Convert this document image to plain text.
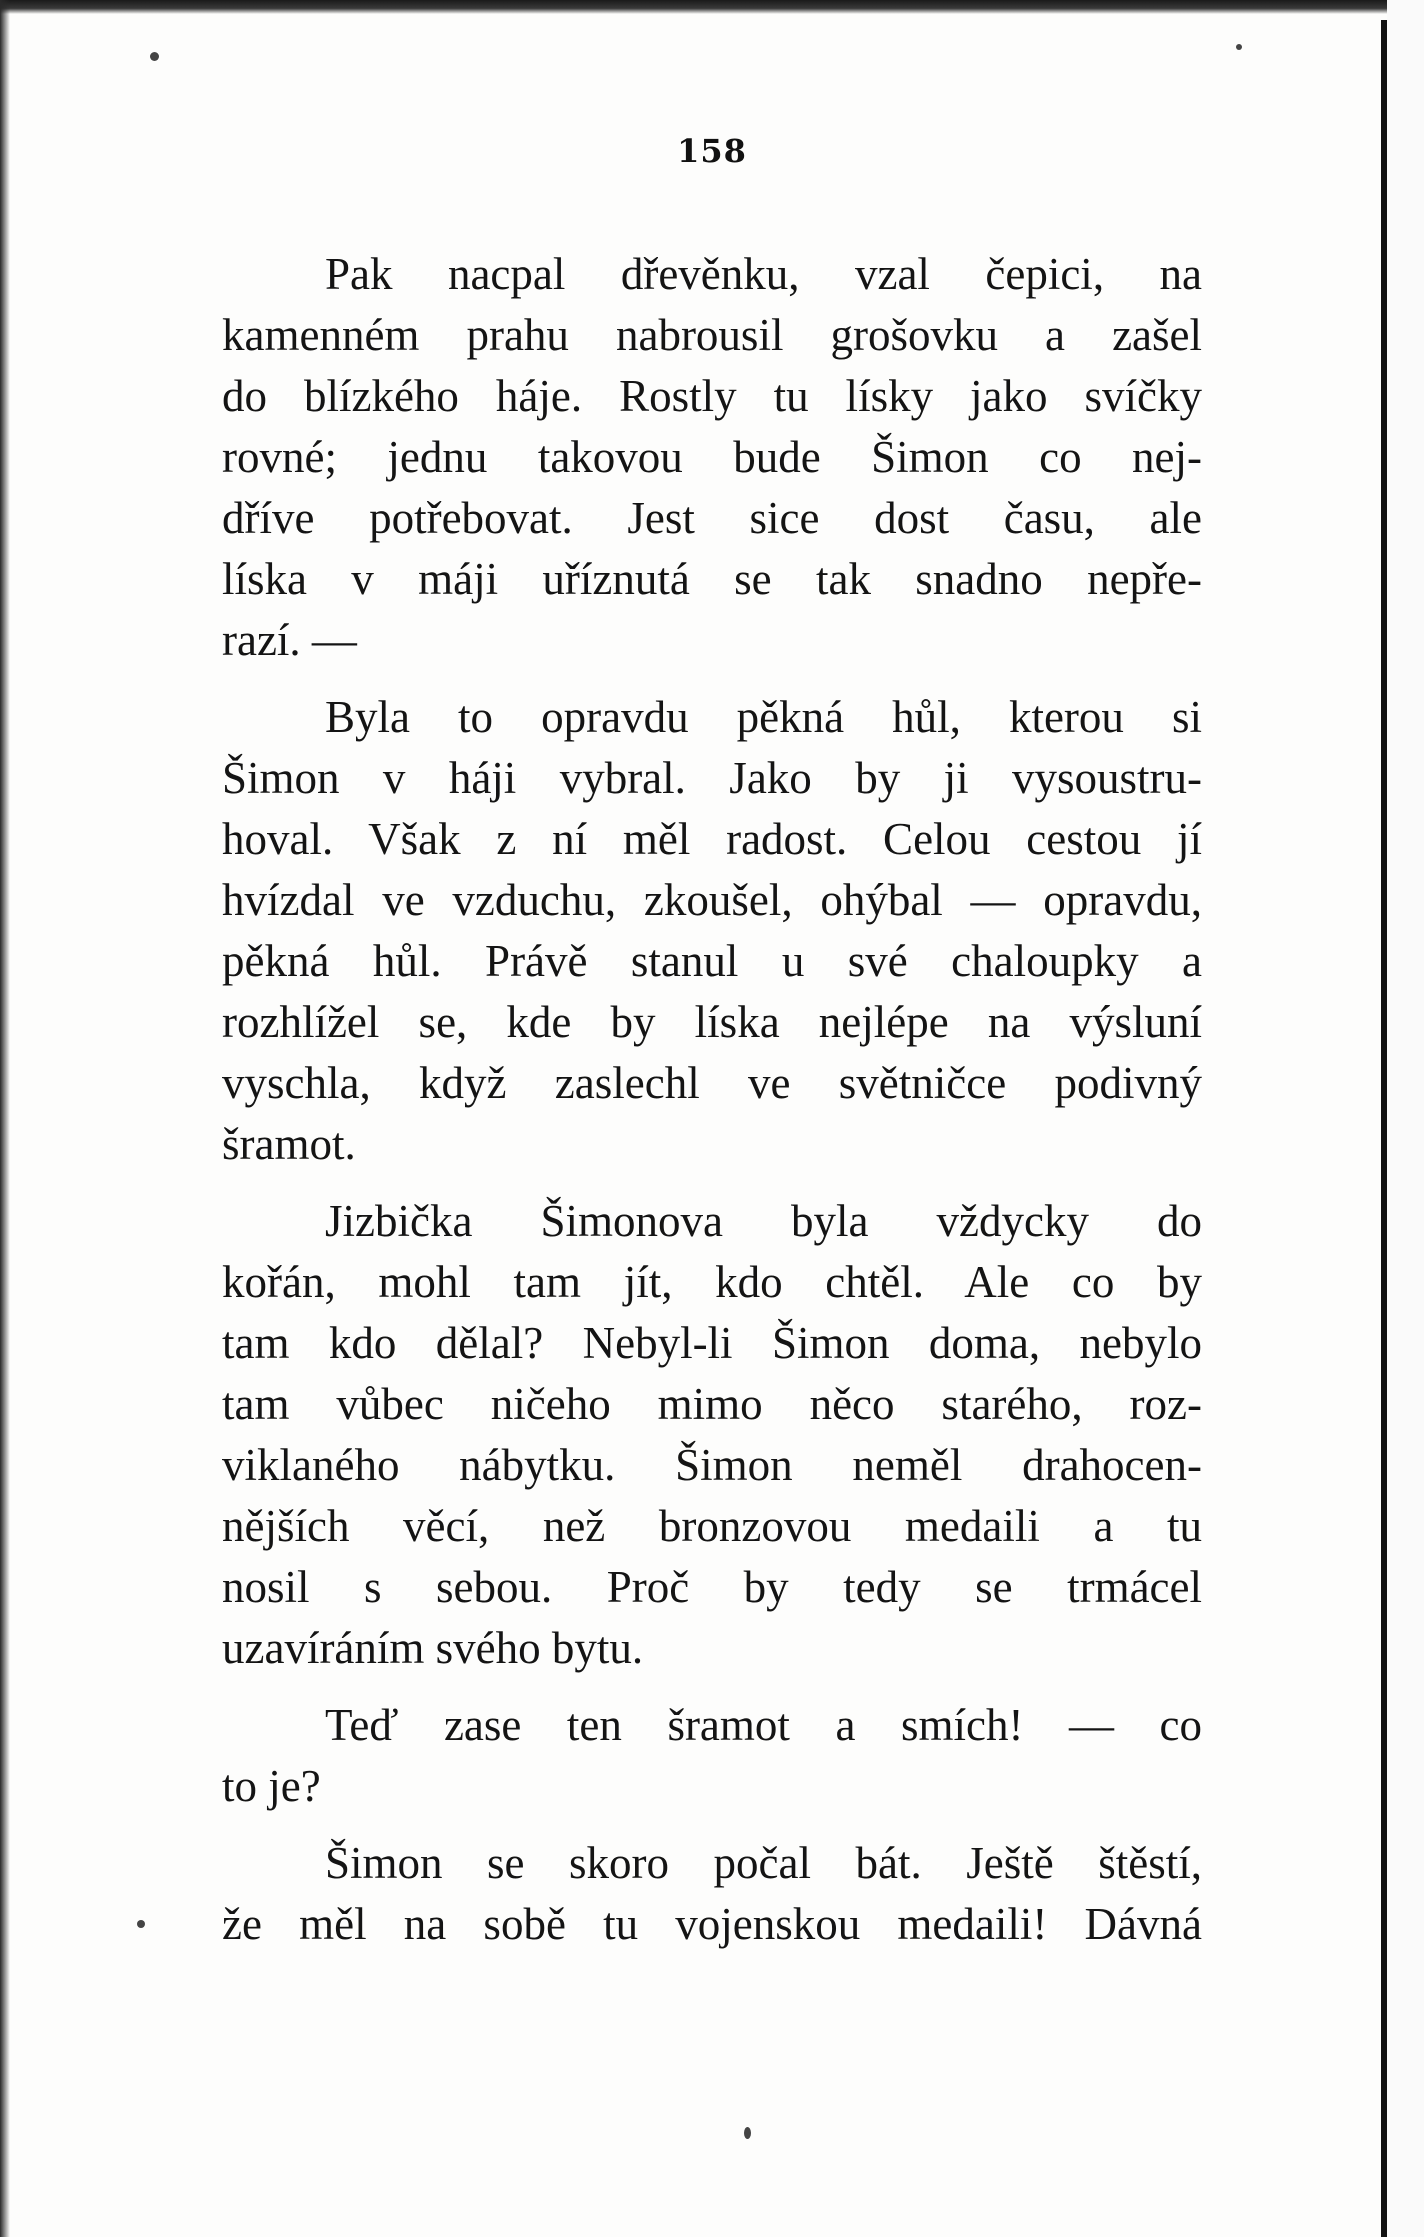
158
Pak nacpal dřevěnku, vzal čepici, na
kamenném prahu nabrousil grošovku a zašel
do blízkého háje. Rostly tu lísky jako svíčky
rovné; jednu takovou bude Šimon co nej-
dříve potřebovat. Jest sice dost času, ale
líska v máji uříznutá se tak snadno nepře-
razí. —
Byla to opravdu pěkná hůl, kterou si
Šimon v háji vybral. Jako by ji vysoustru-
hoval. Však z ní měl radost. Celou cestou jí
hvízdal ve vzduchu, zkoušel, ohýbal — opravdu,
pěkná hůl. Právě stanul u své chaloupky a
rozhlížel se, kde by líska nejlépe na výsluní
vyschla, když zaslechl ve světničce podivný
šramot.
Jizbička Šimonova byla vždycky do
kořán, mohl tam jít, kdo chtěl. Ale co by
tam kdo dělal? Nebyl-li Šimon doma, nebylo
tam vůbec ničeho mimo něco starého, roz-
viklaného nábytku. Šimon neměl drahocen-
nějších věcí, než bronzovou medaili a tu
nosil s sebou. Proč by tedy se trmácel
uzavíráním svého bytu.
Teď zase ten šramot a smích! — co
to je?
Šimon se skoro počal bát. Ještě štěstí,
že měl na sobě tu vojenskou medaili! Dávná
